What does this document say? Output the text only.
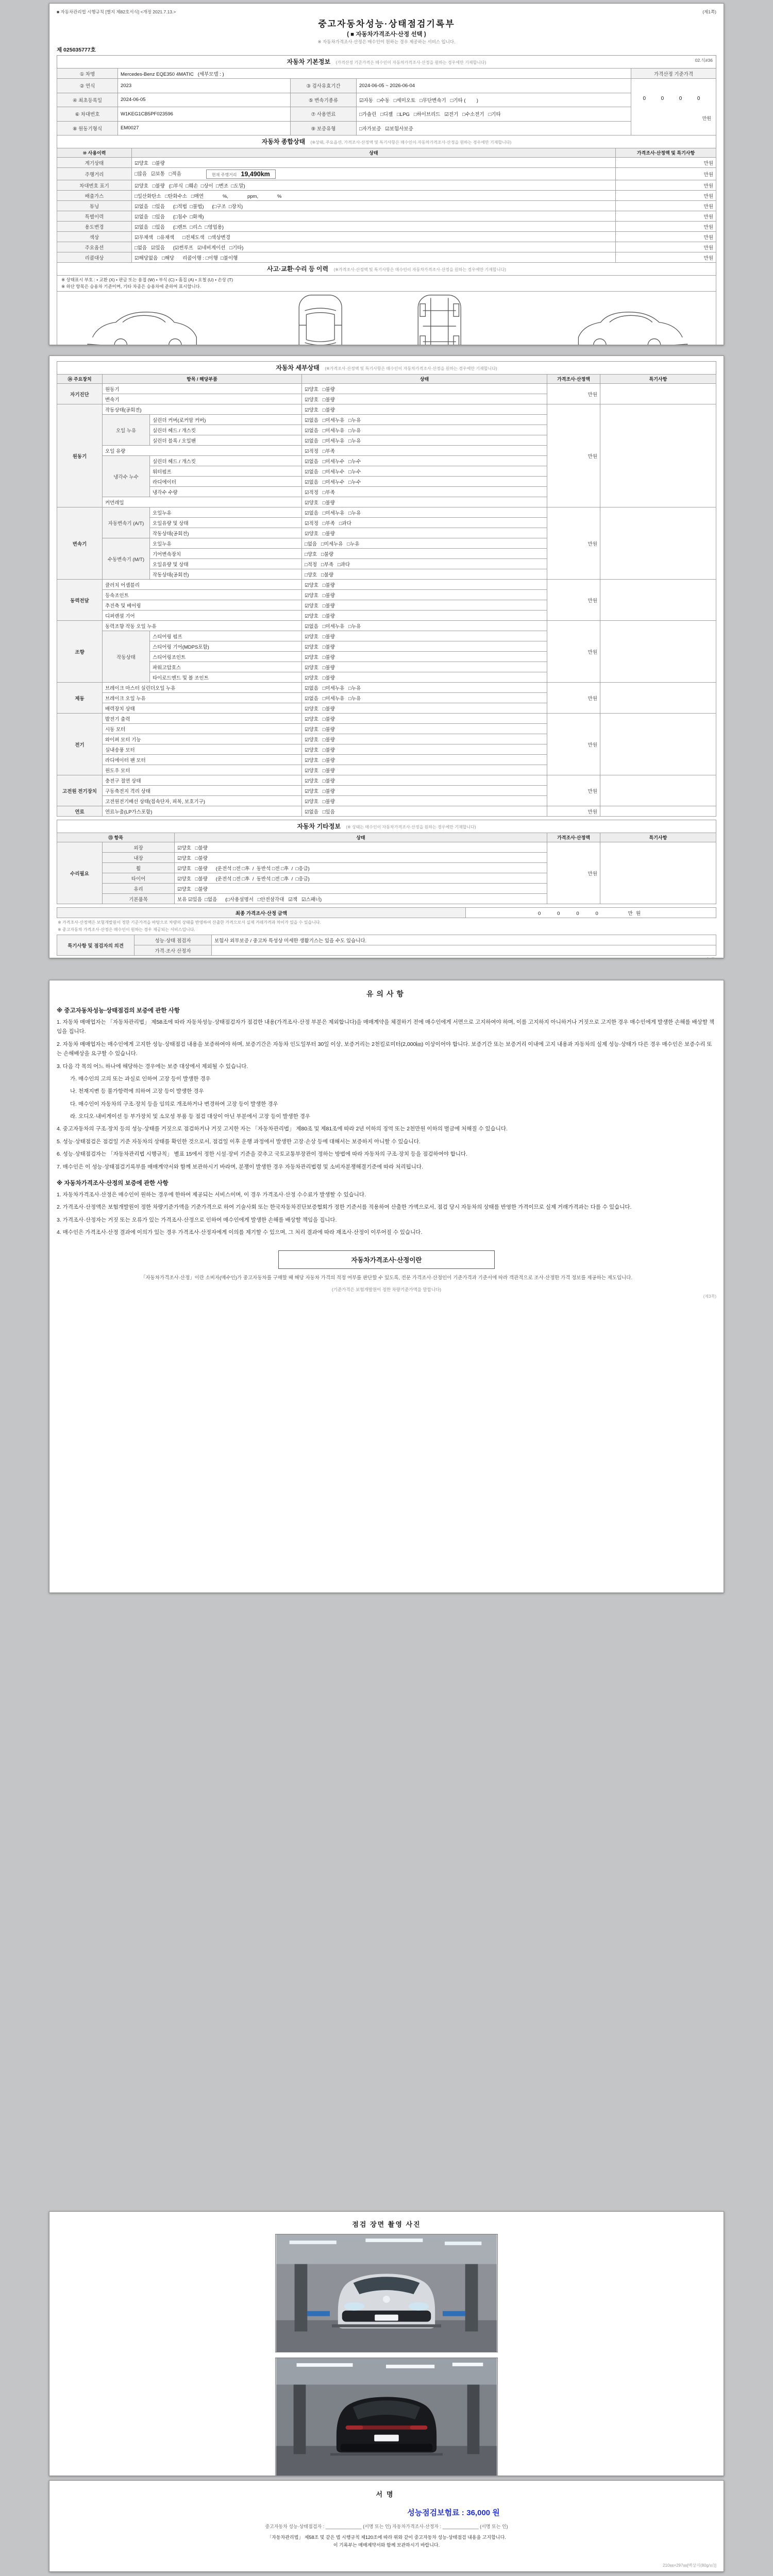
■ 자동차관리법 시행규칙 [별지 제82호서식] <개정 2021.7.13.>	(제1쪽)
중고자동차성능·상태점검기록부
( ■ 자동차가격조사·산정 선택 )
※ 자동차가격조사·산정은 매수인이 원하는 경우 제공하는 서비스 입니다.
제 025035777호
자동차 기본정보 (가격산정 기준가격은 매수인이 자동차가격조사·산정을 원하는 경우에만 기재합니다)	02.식#36
① 차명	Mercedes-Benz EQE350 4MATIC   (세부모델 : )			가격산정 기준가격
② 연식	2023	③ 검사유효기간	2024-06-05 ~ 2026-06-04	0  0  0  0

만원

④ 최초등록일	2024-06-05	⑤ 변속기종류	☑자동   □수동   □세미오토   □무단변속기   □기타 (        )	
⑥ 차대번호	W1KEG1CB5PF023596	⑦ 사용연료	□가솔린   □디젤   □LPG   □하이브리드   ☑전기   □수소전기   □기타	
⑧ 원동기형식	EM0027	⑨ 보증유형	□자가보증   ☑보험사보증	
자동차 종합상태 (※상태, 주요옵션, 가격조사·산정액 및 특기사항은 매수인이 자동차가격조사·산정을 원하는 경우에만 기재합니다)
⑩ 사용이력	상태	가격조사·산정액 및 특기사항
계기상태	☑양호   □불량	만원
주행거리	□많음   ☑보통   □적음 현재 주행거리 19,490km	만원
차대번호 표기	☑양호   □불량   (□부식  □훼손  □상이  □변조  □도말)	만원
배출가스	□일산화탄소   □탄화수소   □매연              %,              ppm,              %	만원
튜닝	☑없음   □있음      (□적법  □불법)      (□구조  □장치)	만원
특별이력	☑없음   □있음      (□침수  □화재)	만원
용도변경	☑없음   □있음      (□렌트  □리스  □영업용)	만원
색상	☑무채색   □유채색      □전체도색   □색상변경	만원
주요옵션	□없음   ☑있음      (☑썬루프   ☑네비게이션   □기타)	만원
리콜대상	☑해당없음   □해당      리콜이행 : □이행  □불이행	만원
사고·교환·수리 등 이력 (※가격조사·산정액 및 특기사항은 매수인이 자동차가격조사·산정을 원하는 경우에만 기재합니다)
※ 상태표시 부호 : • 교환 (X) • 판금 또는 용접 (W) • 부식 (C) • 흠집 (A) • 요철 (U) • 손상 (T)
※ 하단 항목은 승용차 기준이며, 기타 차종은 승용차에 준하여 표시합니다.

자동차 세부상태 (※가격조사·산정액 및 특기사항은 매수인이 자동차가격조사·산정을 원하는 경우에만 기재합니다)
⑭ 주요장치	항목 / 해당부품		상태	가격조사·산정액	특기사항
자기진단	원동기		☑양호   □불량	만원	
	변속기		☑양호   □불량		
원동기	작동상태(공회전)		☑양호   □불량	만원	
	오일 누유	실린더 커버(로커암 커버)	☑없음   □미세누유   □누유		
		실린더 헤드 / 개스킷	☑없음   □미세누유   □누유		
		실린더 블록 / 오일팬	☑없음   □미세누유   □누유		
	오일 유량		☑적정   □부족		
	냉각수 누수	실린더 헤드 / 개스킷	☑없음   □미세누수   □누수		
		워터펌프	☑없음   □미세누수   □누수		
		라디에이터	☑없음   □미세누수   □누수		
		냉각수 수량	☑적정   □부족		
	커먼레일		☑양호   □불량		
변속기	자동변속기 (A/T)	오일누유	☑없음   □미세누유   □누유	만원	
		오일유량 및 상태	☑적정   □부족   □과다		
		작동상태(공회전)	☑양호   □불량		
	수동변속기 (M/T)	오일누유	□없음   □미세누유   □누유		
		기어변속장치	□양호   □불량		
		오일유량 및 상태	□적정   □부족   □과다		
		작동상태(공회전)	□양호   □불량		
동력전달	클러치 어셈블리		☑양호   □불량	만원	
	등속조인트		☑양호   □불량		
	추진축 및 베어링		☑양호   □불량		
	디퍼렌셜 기어		☑양호   □불량		
조향	동력조향 작동 오일 누유		☑없음   □미세누유   □누유	만원	
	작동상태	스티어링 펌프	☑양호   □불량		
		스티어링 기어(MDPS포함)	☑양호   □불량		
		스티어링조인트	☑양호   □불량		
		파워고압호스	☑양호   □불량		
		타이로드엔드 및 볼 조인트	☑양호   □불량		
제동	브레이크 마스터 실린더오일 누유		☑없음   □미세누유   □누유	만원	
	브레이크 오일 누유		☑없음   □미세누유   □누유		
	배력장치 상태		☑양호   □불량		
전기	발전기 출력		☑양호   □불량	만원	
	시동 모터		☑양호   □불량		
	와이퍼 모터 기능		☑양호   □불량		
	실내송풍 모터		☑양호   □불량		
	라디에이터 팬 모터		☑양호   □불량		
	윈도우 모터		☑양호   □불량		
고전원 전기장치	충전구 절연 상태		☑양호   □불량	만원	
	구동축전지 격리 상태		☑양호   □불량		
	고전원전기배선 상태(접속단자, 피복, 보호기구)		☑양호   □불량		
연료	연료누출(LP가스포함)		☑없음   □있음	만원	
자동차 기타정보 (※ 상태는 매수인이 자동차가격조사·산정을 원하는 경우에만 기재합니다)
⑮ 항목		상태	가격조사·산정액	특기사항
수리필요	외장	☑양호   □불량	만원	
	내장	☑양호   □불량		
	휠	☑양호   □불량      (운전석 □전 □후  /  동반석 □전 □후  /  □응급)		
	타이어	☑양호   □불량      (운전석 □전 □후  /  동반석 □전 □후  /  □응급)		
	유리	☑양호   □불량		
	기본품목	보유 ☑있음  □없음      (□사용설명서   □안전삼각대   ☑잭   ☑스패너)		
최종 가격조사·산정 금액	0   0   0   0      만원
※ 가격조사·산정액은 보험개발원이 정한 기준가격을 바탕으로 차량의 상태를 반영하여 산출한 가격으로서 실제 거래가격과 차이가 있을 수 있습니다.
※ 중고자동차 가격조사·산정은 매수인이 원하는 경우 제공되는 서비스입니다.
특기사항 및 점검자의 의견	성능·상태 점검자	보험사 외부보증 / 중고차 특성상 미세한 생활기스는 있을 수도 있습니다.
	가격·조사 산정자	
유의사항
※ 중고자동차성능·상태점검의 보증에 관한 사항
1. 자동차 매매업자는 「자동차관리법」 제58조에 따라 자동차성능·상태점검자가 점검한 내용(가격조사·산정 부분은 제외합니다)을 매매계약을 체결하기 전에 매수인에게 서면으로 고지하여야 하며, 이를 고지하지 아니하거나 거짓으로 고지한 경우 매수인에게 발생한 손해를 배상할 책임을 집니다.
2. 자동차 매매업자는 매수인에게 고지한 성능·상태점검 내용을 보증하여야 하며, 보증기간은 자동차 인도일부터 30일 이상, 보증거리는 2천킬로미터(2,000㎞) 이상이어야 합니다. 보증기간 또는 보증거리 이내에 고지 내용과 자동차의 실제 성능·상태가 다른 경우 매수인은 보증수리 또는 손해배상을 요구할 수 있습니다.
3. 다음 각 목의 어느 하나에 해당하는 경우에는 보증 대상에서 제외될 수 있습니다.
가. 매수인의 고의 또는 과실로 인하여 고장 등이 발생한 경우
나. 천재지변 등 불가항력에 의하여 고장 등이 발생한 경우
다. 매수인이 자동차의 구조·장치 등을 임의로 개조하거나 변경하여 고장 등이 발생한 경우
라. 오디오·내비게이션 등 부가장치 및 소모성 부품 등 점검 대상이 아닌 부분에서 고장 등이 발생한 경우
4. 중고자동차의 구조·장치 등의 성능·상태를 거짓으로 점검하거나 거짓 고지한 자는 「자동차관리법」 제80조 및 제81조에 따라 2년 이하의 징역 또는 2천만원 이하의 벌금에 처해질 수 있습니다.
5. 성능·상태점검은 점검일 기준 자동차의 상태를 확인한 것으로서, 점검일 이후 운행 과정에서 발생한 고장·손상 등에 대해서는 보증하지 아니할 수 있습니다.
6. 성능·상태점검자는 「자동차관리법 시행규칙」 별표 15에서 정한 시설·장비 기준을 갖추고 국토교통부장관이 정하는 방법에 따라 자동차의 구조·장치 등을 점검하여야 합니다.
7. 매수인은 이 성능·상태점검기록부를 매매계약서와 함께 보관하시기 바라며, 분쟁이 발생한 경우 자동차관리법령 및 소비자분쟁해결기준에 따라 처리됩니다.
※ 자동차가격조사·산정의 보증에 관한 사항
1. 자동차가격조사·산정은 매수인이 원하는 경우에 한하여 제공되는 서비스이며, 이 경우 가격조사·산정 수수료가 발생할 수 있습니다.
2. 가격조사·산정액은 보험개발원이 정한 차량기준가액을 기준가격으로 하여 기술사회 또는 한국자동차진단보증협회가 정한 기준서를 적용하여 산출한 가액으로서, 점검 당시 자동차의 상태를 반영한 가격이므로 실제 거래가격과는 다를 수 있습니다.
3. 가격조사·산정자는 거짓 또는 오류가 있는 가격조사·산정으로 인하여 매수인에게 발생한 손해를 배상할 책임을 집니다.
4. 매수인은 가격조사·산정 결과에 이의가 있는 경우 가격조사·산정자에게 이의를 제기할 수 있으며, 그 처리 결과에 따라 재조사·산정이 이루어질 수 있습니다.
자동차가격조사·산정이란
「자동차가격조사·산정」이란 소비자(매수인)가 중고자동차를 구매할 때 해당 자동차 가격의 적정 여부를 판단할 수 있도록, 전문 가격조사·산정인이 기준가격과 기준서에 따라 객관적으로 조사·산정한 가격 정보를 제공하는 제도입니다.
(기준가격은 보험개발원이 정한 차량기준가액을 말합니다)
(제3쪽)
점검 장면 촬영 사진
서명
성능점검보험료 :
36,000 원
중고자동차 성능·상태점검자 : ______________ (서명 또는 인) 자동차가격조사·산정자 : ______________ (서명 또는 인)
「자동차관리법」 제58조 및 같은 법 시행규칙 제120조에 따라 위와 같이 중고자동차 성능·상태점검 내용을 고지합니다.
이 기록부는 매매계약서와 함께 보관하시기 바랍니다.
210㎜×297㎜[백상지(80g/㎡)]
